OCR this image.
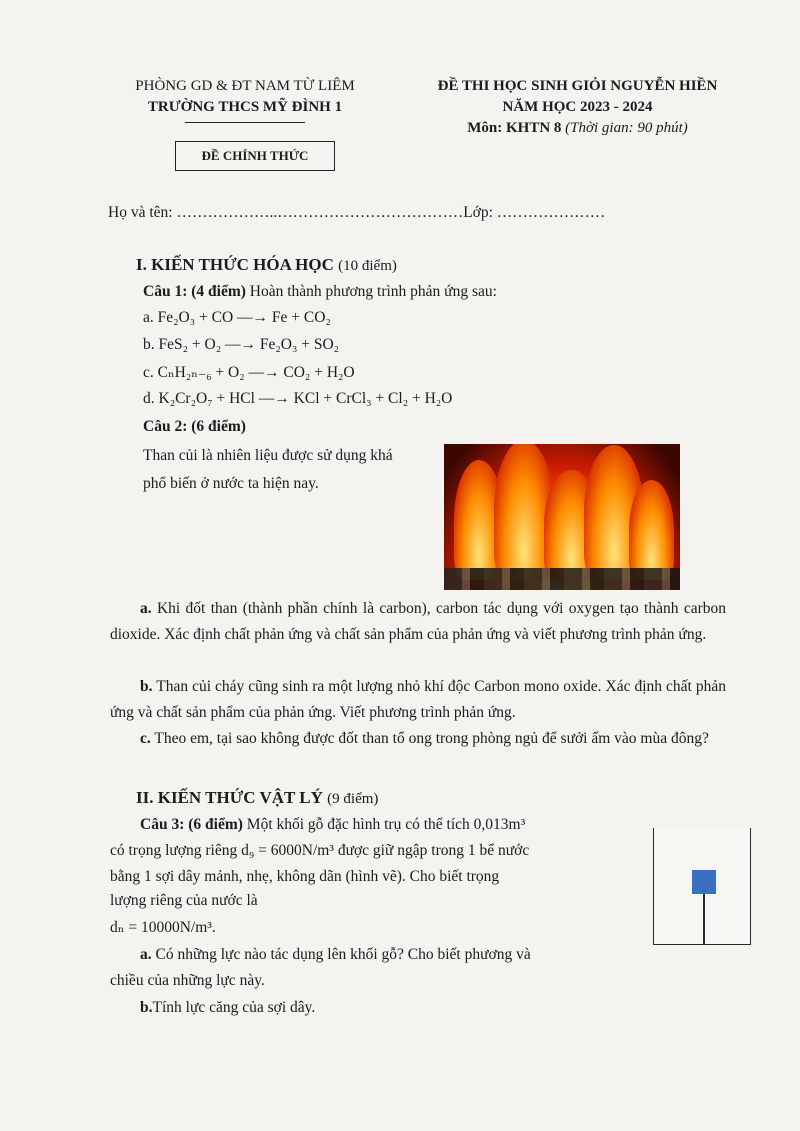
PHÒNG GD & ĐT NAM TỪ LIÊM
TRƯỜNG THCS MỸ ĐÌNH 1
ĐỀ CHÍNH THỨC
ĐỀ THI HỌC SINH GIỎI NGUYỄN HIỀN
NĂM HỌC 2023 - 2024
Môn: KHTN 8 (Thời gian: 90 phút)
Họ và tên: ………………..………………………………Lớp: …………………
I. KIẾN THỨC HÓA HỌC (10 điểm)
Câu 1: (4 điểm) Hoàn thành phương trình phản ứng sau:
a. Fe₂O₃ + CO ––→ Fe + CO₂
b. FeS₂ + O₂ ––→ Fe₂O₃ + SO₂
c. CₙH₂ₙ₋₆ + O₂ ––→ CO₂ + H₂O
d. K₂Cr₂O₇ + HCl ––→ KCl + CrCl₃ + Cl₂ + H₂O
Câu 2: (6 điểm)
Than củi là nhiên liệu được sử dụng khá
phổ biến ở nước ta hiện nay.
a. Khi đốt than (thành phần chính là carbon), carbon tác dụng với oxygen tạo thành carbon dioxide. Xác định chất phản ứng và chất sản phẩm của phản ứng và viết phương trình phản ứng.
b. Than củi cháy cũng sinh ra một lượng nhỏ khí độc Carbon mono oxide. Xác định chất phản ứng và chất sản phẩm của phản ứng. Viết phương trình phản ứng.
c. Theo em, tại sao không được đốt than tổ ong trong phòng ngủ để sưởi ấm vào mùa đông?
II. KIẾN THỨC VẬT LÝ (9 điểm)
Câu 3: (6 điểm) Một khối gỗ đặc hình trụ có thể tích 0,013m³
có trọng lượng riêng d₉ = 6000N/m³ được giữ ngập trong 1 bể nước
bằng 1 sợi dây mảnh, nhẹ, không dãn (hình vẽ). Cho biết trọng
lượng riêng của nước là
dₙ = 10000N/m³.
a. Có những lực nào tác dụng lên khối gỗ? Cho biết phương và
chiều của những lực này.
b.Tính lực căng của sợi dây.
